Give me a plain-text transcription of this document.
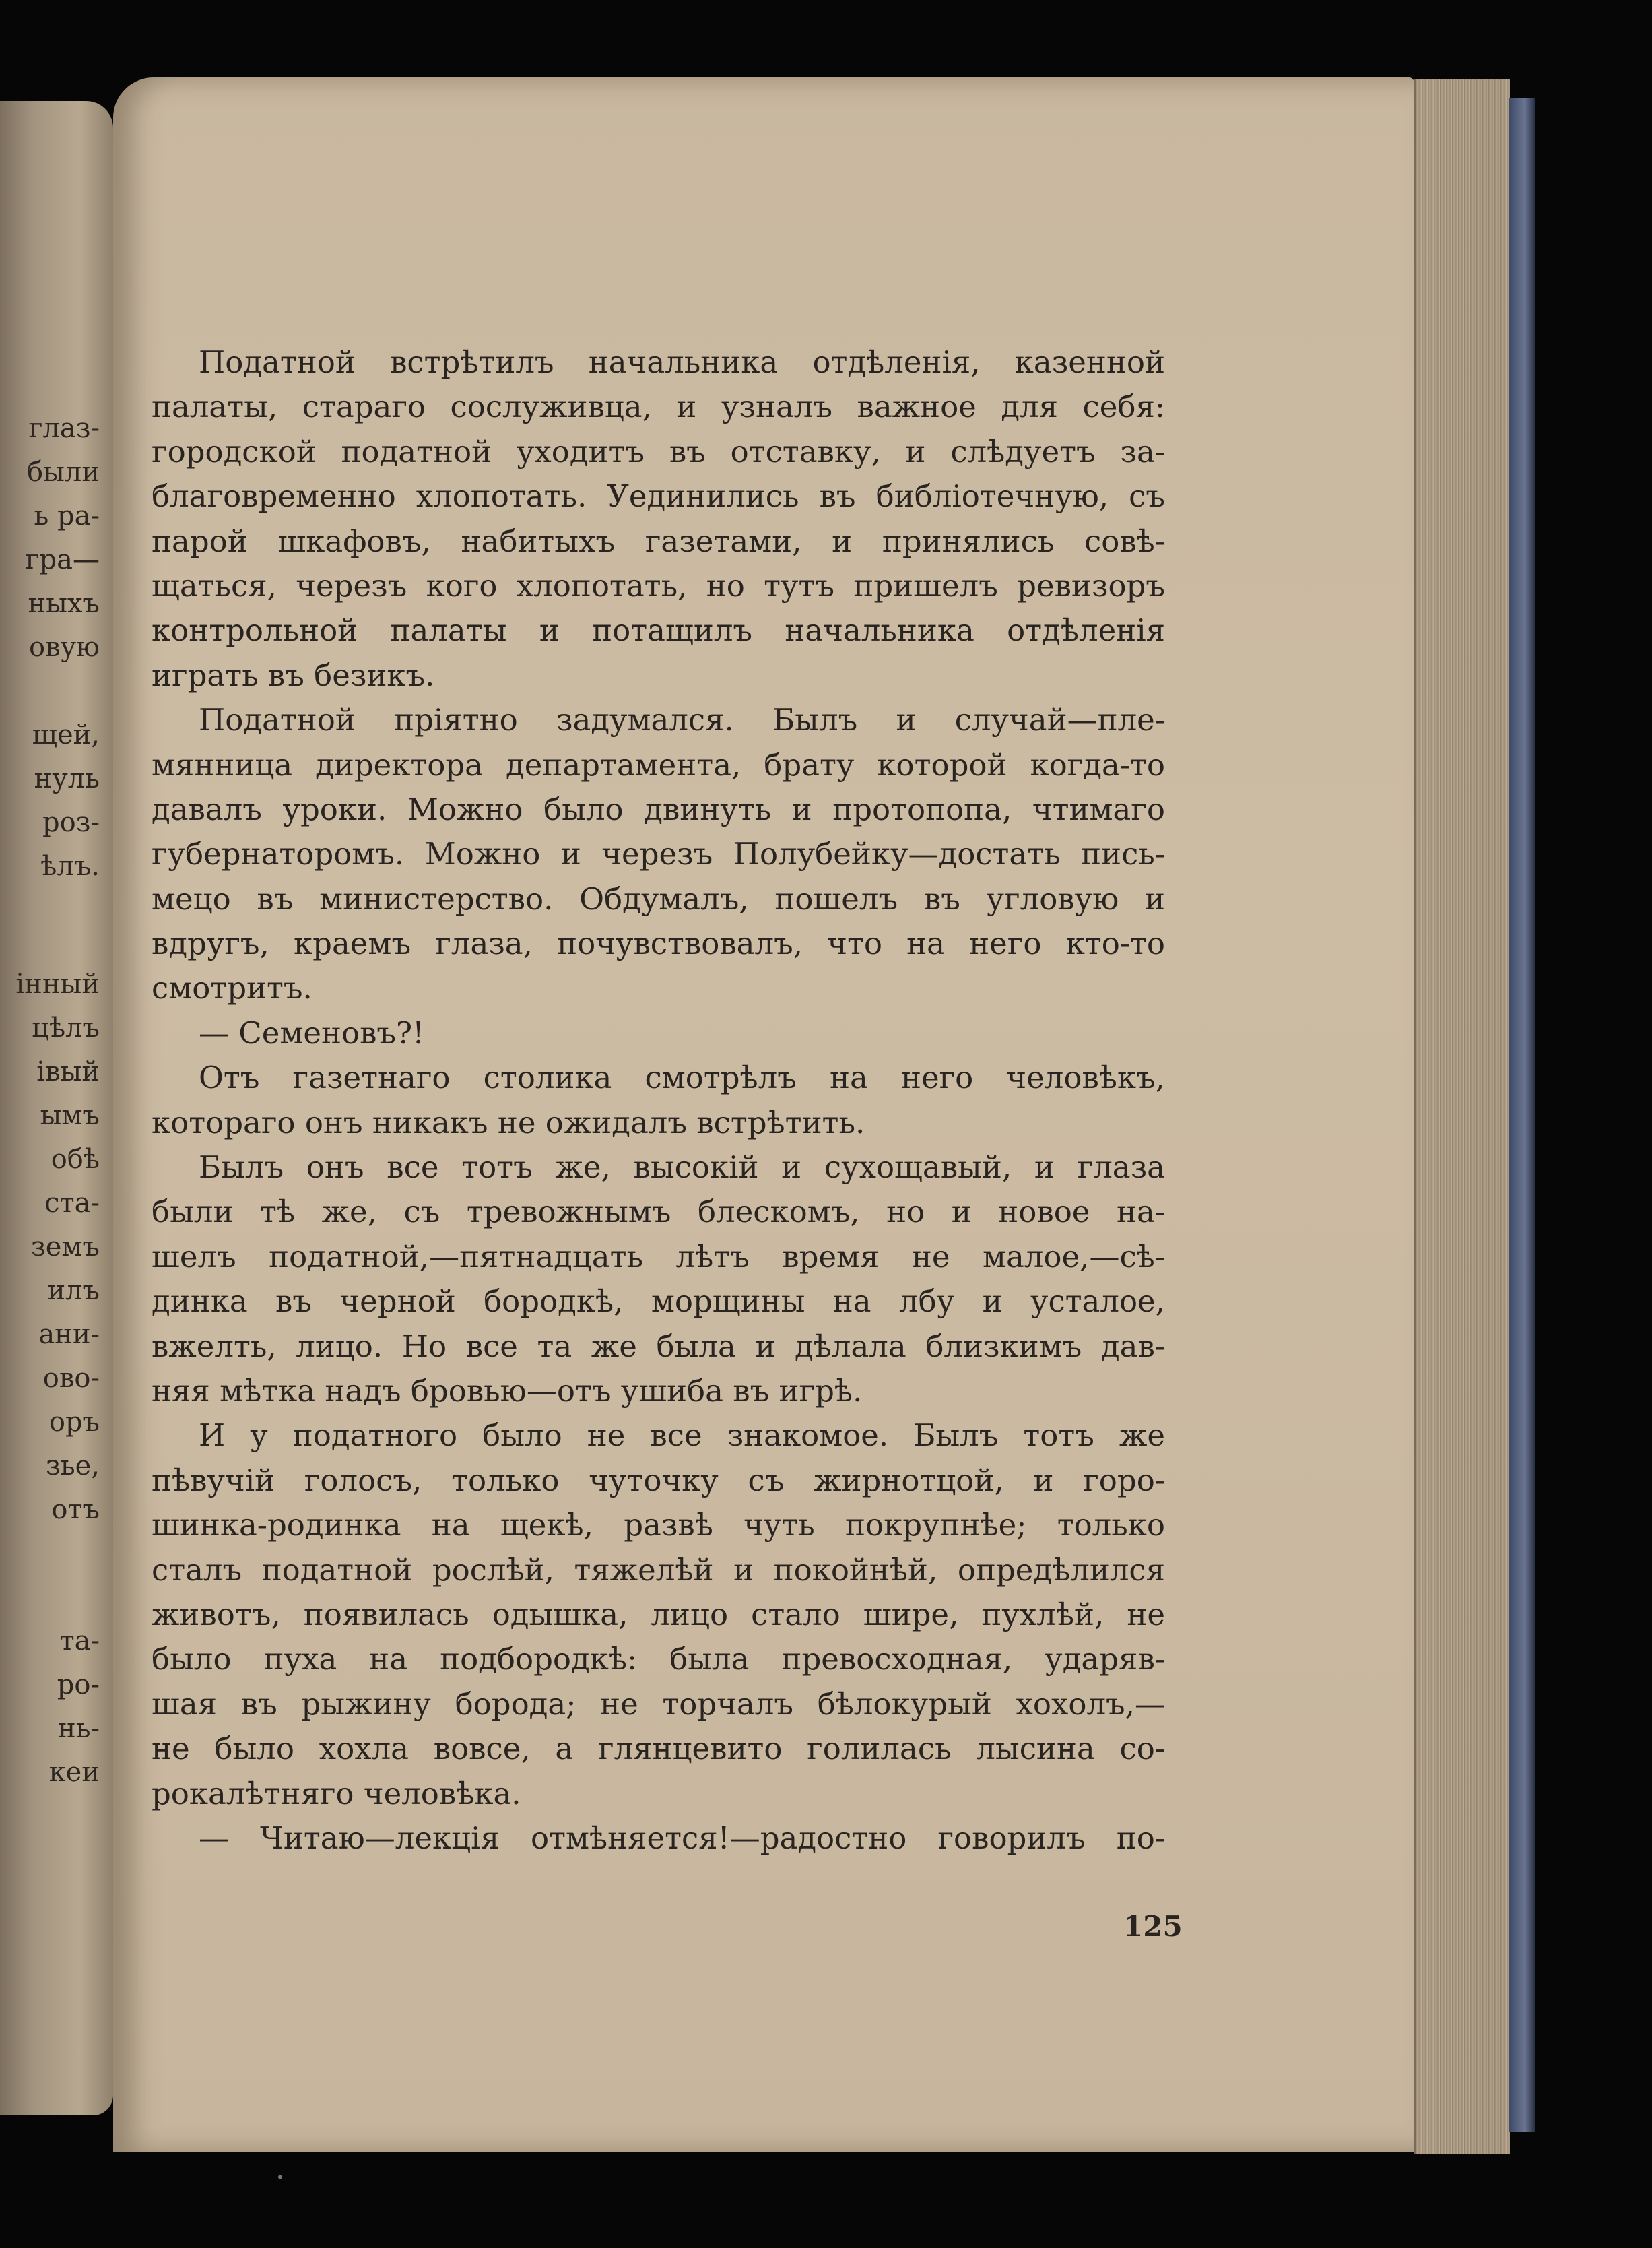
глаз-
были
ь ра-
гра—
ныхъ
овую
щей,
нуль
роз-
ѣлъ.
інный
цѣлъ
івый
ымъ
обѣ
ста-
земъ
илъ
ани-
ово-
оръ
зье,
отъ
та-
ро-
нь-
кеи
Податной встрѣтилъ начальника отдѣленія, казенной
палаты, стараго сослуживца, и узналъ важное для себя:
городской податной уходитъ въ отставку, и слѣдуетъ за-
благовременно хлопотать. Уединились въ библіотечную, съ
парой шкафовъ, набитыхъ газетами, и принялись совѣ-
щаться, черезъ кого хлопотать, но тутъ пришелъ ревизоръ
контрольной палаты и потащилъ начальника отдѣленія
играть въ безикъ.
Податной пріятно задумался. Былъ и случай—пле-
мянница директора департамента, брату которой когда-то
давалъ уроки. Можно было двинуть и протопопа, чтимаго
губернаторомъ. Можно и черезъ Полубейку—достать пись-
мецо въ министерство. Обдумалъ, пошелъ въ угловую и
вдругъ, краемъ глаза, почувствовалъ, что на него кто-то
смотритъ.
— Семеновъ?!
Отъ газетнаго столика смотрѣлъ на него человѣкъ,
котораго онъ никакъ не ожидалъ встрѣтить.
Былъ онъ все тотъ же, высокій и сухощавый, и глаза
были тѣ же, съ тревожнымъ блескомъ, но и новое на-
шелъ податной,—пятнадцать лѣтъ время не малое,—сѣ-
динка въ черной бородкѣ, морщины на лбу и усталое,
вжелть, лицо. Но все та же была и дѣлала близкимъ дав-
няя мѣтка надъ бровью—отъ ушиба въ игрѣ.
И у податного было не все знакомое. Былъ тотъ же
пѣвучій голосъ, только чуточку съ жирнотцой, и горо-
шинка-родинка на щекѣ, развѣ чуть покрупнѣе; только
сталъ податной рослѣй, тяжелѣй и покойнѣй, опредѣлился
животъ, появилась одышка, лицо стало шире, пухлѣй, не
было пуха на подбородкѣ: была превосходная, ударяв-
шая въ рыжину борода; не торчалъ бѣлокурый хохолъ,—
не было хохла вовсе, а глянцевито голилась лысина со-
рокалѣтняго человѣка.
— Читаю—лекція отмѣняется!—радостно говорилъ по-
125
•
